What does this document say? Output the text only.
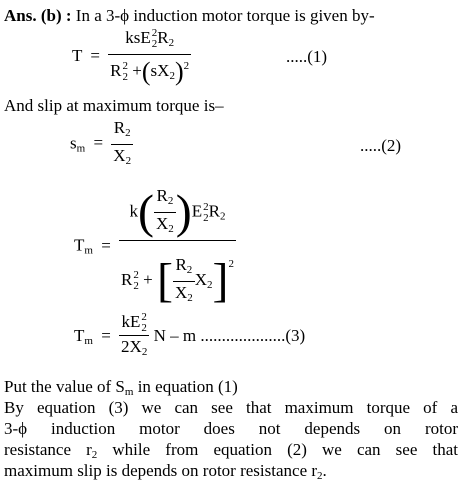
Ans. (b) : In a 3-ϕ induction motor torque is given by-
T = ksE 2
2 $R_2$
R 2
$2 +(sX_2)^2$	.....(1)
And slip at maximum torque is–
$s_m = \frac{R_2}{X_2}$	.....(2)
$T_m = k( \frac{R_2}{X_2} )E$ 2
2 $R_2$
R 2
2 + [ $\frac{R_2}{X_2} X_2]^2$
$T_m$ = kE 2
2
$2X_2$ N – m ....................(3)
Put the value of $S_m$ in equation (1)
By equation (3) we can see that maximum torque of a
3-ϕ induction motor does not depends on rotor
resistance $r_2$ while from equation (2) we can see that
maximum slip is depends on rotor resistance $r_2$.
